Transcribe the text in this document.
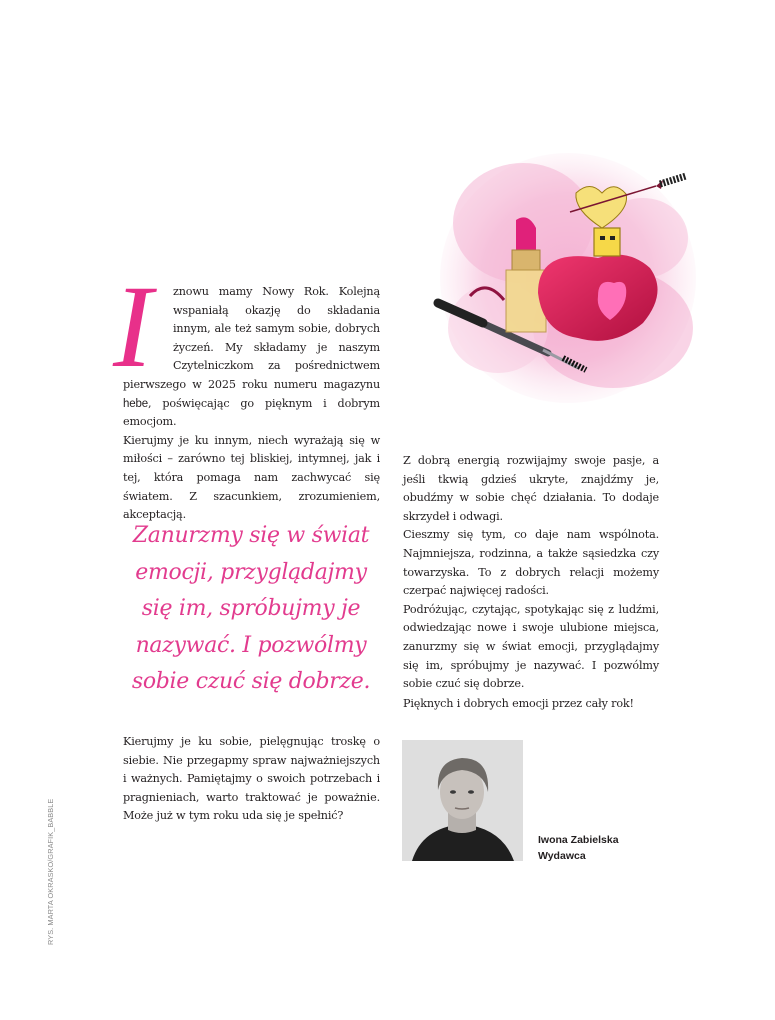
I	znowu mamy Nowy Rok. Kolejną wspaniałą okazję do składania innym, ale też samym sobie, dobrych życzeń. My składamy je naszym Czytelniczkom za pośrednictwem pierwszego w 2025 roku numeru magazynu hebe, poświęcając go pięknym i dobrym emocjom.

Kierujmy je ku innym, niech wyrażają się w miłości – zarówno tej bliskiej, intymnej, jak i tej, która pomaga nam zachwycać się światem. Z szacunkiem, zrozumieniem, akceptacją.

Zanurzmy się w świat emocji, przyglądajmy się im, spróbujmy je nazywać. I pozwólmy sobie czuć się dobrze.

Kierujmy je ku sobie, pielęgnując troskę o siebie. Nie przegapmy spraw najważniejszych i ważnych. Pamiętajmy o swoich potrzebach i pragnieniach, warto traktować je poważnie. Może już w tym roku uda się je spełnić?

Z dobrą energią rozwijajmy swoje pasje, a jeśli tkwią gdzieś ukryte, znajdźmy je, obudźmy w sobie chęć działania. To dodaje skrzydeł i odwagi.

Cieszmy się tym, co daje nam wspólnota. Najmniejsza, rodzinna, a także sąsiedzka czy towarzyska. To z dobrych relacji możemy czerpać najwięcej radości.

Podróżując, czytając, spotykając się z ludźmi, odwiedzając nowe i swoje ulubione miejsca, zanurzmy się w świat emocji, przyglądajmy się im, spróbujmy je nazywać. I pozwólmy sobie czuć się dobrze.

Pięknych i dobrych emocji przez cały rok!

Iwona Zabielska
Wydawca
RYS. MARTA OKRASKO/GRAFIK_BABBLE
